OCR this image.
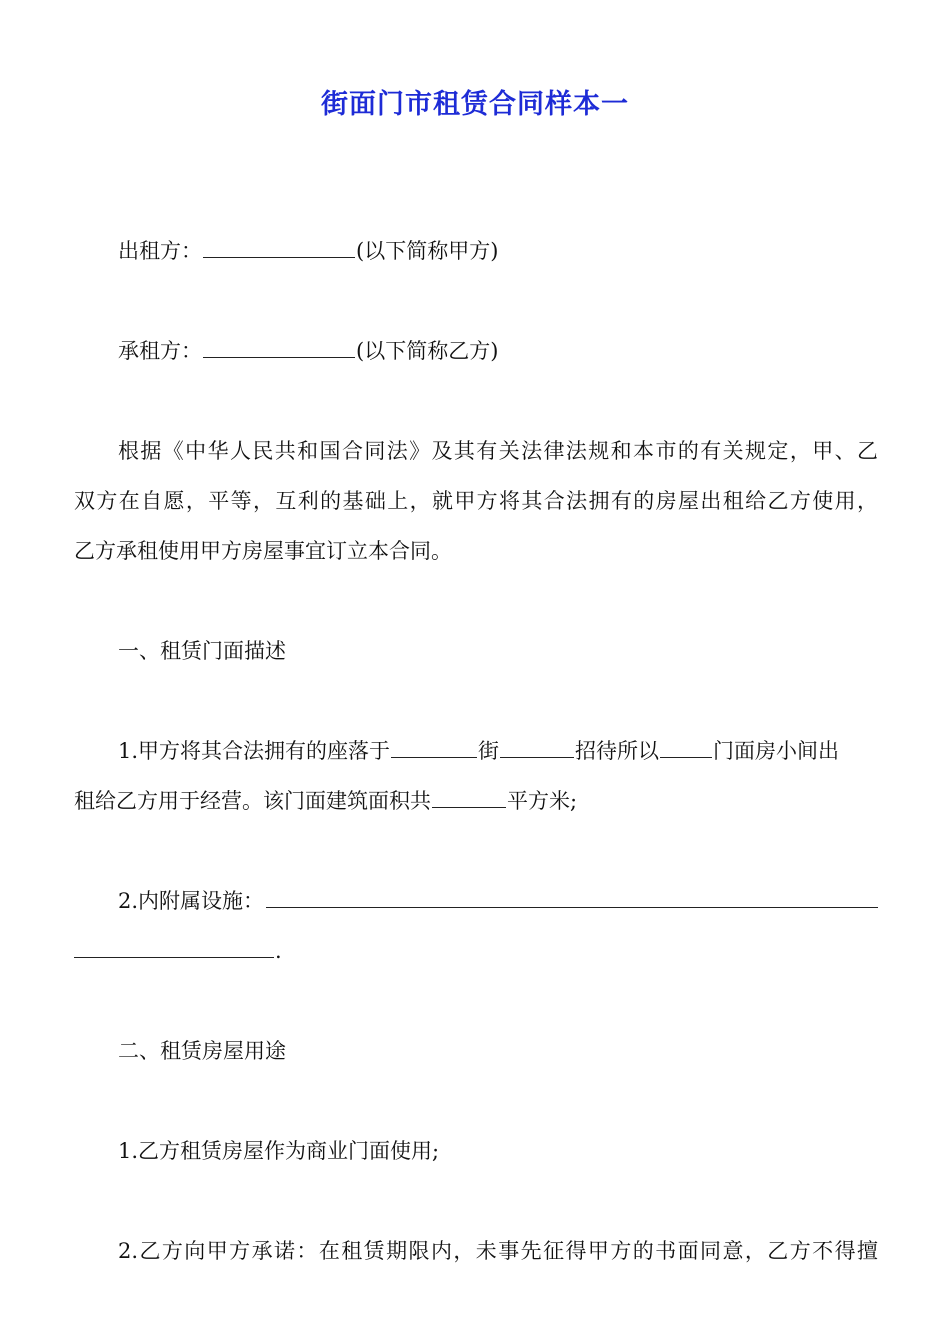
街面门市租赁合同样本一
出租方：	(以下简称甲方)
承租方：	(以下简称乙方)
根据《中华人民共和国合同法》及其有关法律法规和本市的有关规定，甲、乙
双方在自愿，平等，互利的基础上，就甲方将其合法拥有的房屋出租给乙方使用，
乙方承租使用甲方房屋事宜订立本合同。
一、租赁门面描述
1.甲方将其合法拥有的座落于	街	招待所以	门面房小间出
租给乙方用于经营。该门面建筑面积共	平方米;
2.内附属设施：
.
二、租赁房屋用途
1.乙方租赁房屋作为商业门面使用;
2.乙方向甲方承诺：在租赁期限内，未事先征得甲方的书面同意，乙方不得擅
